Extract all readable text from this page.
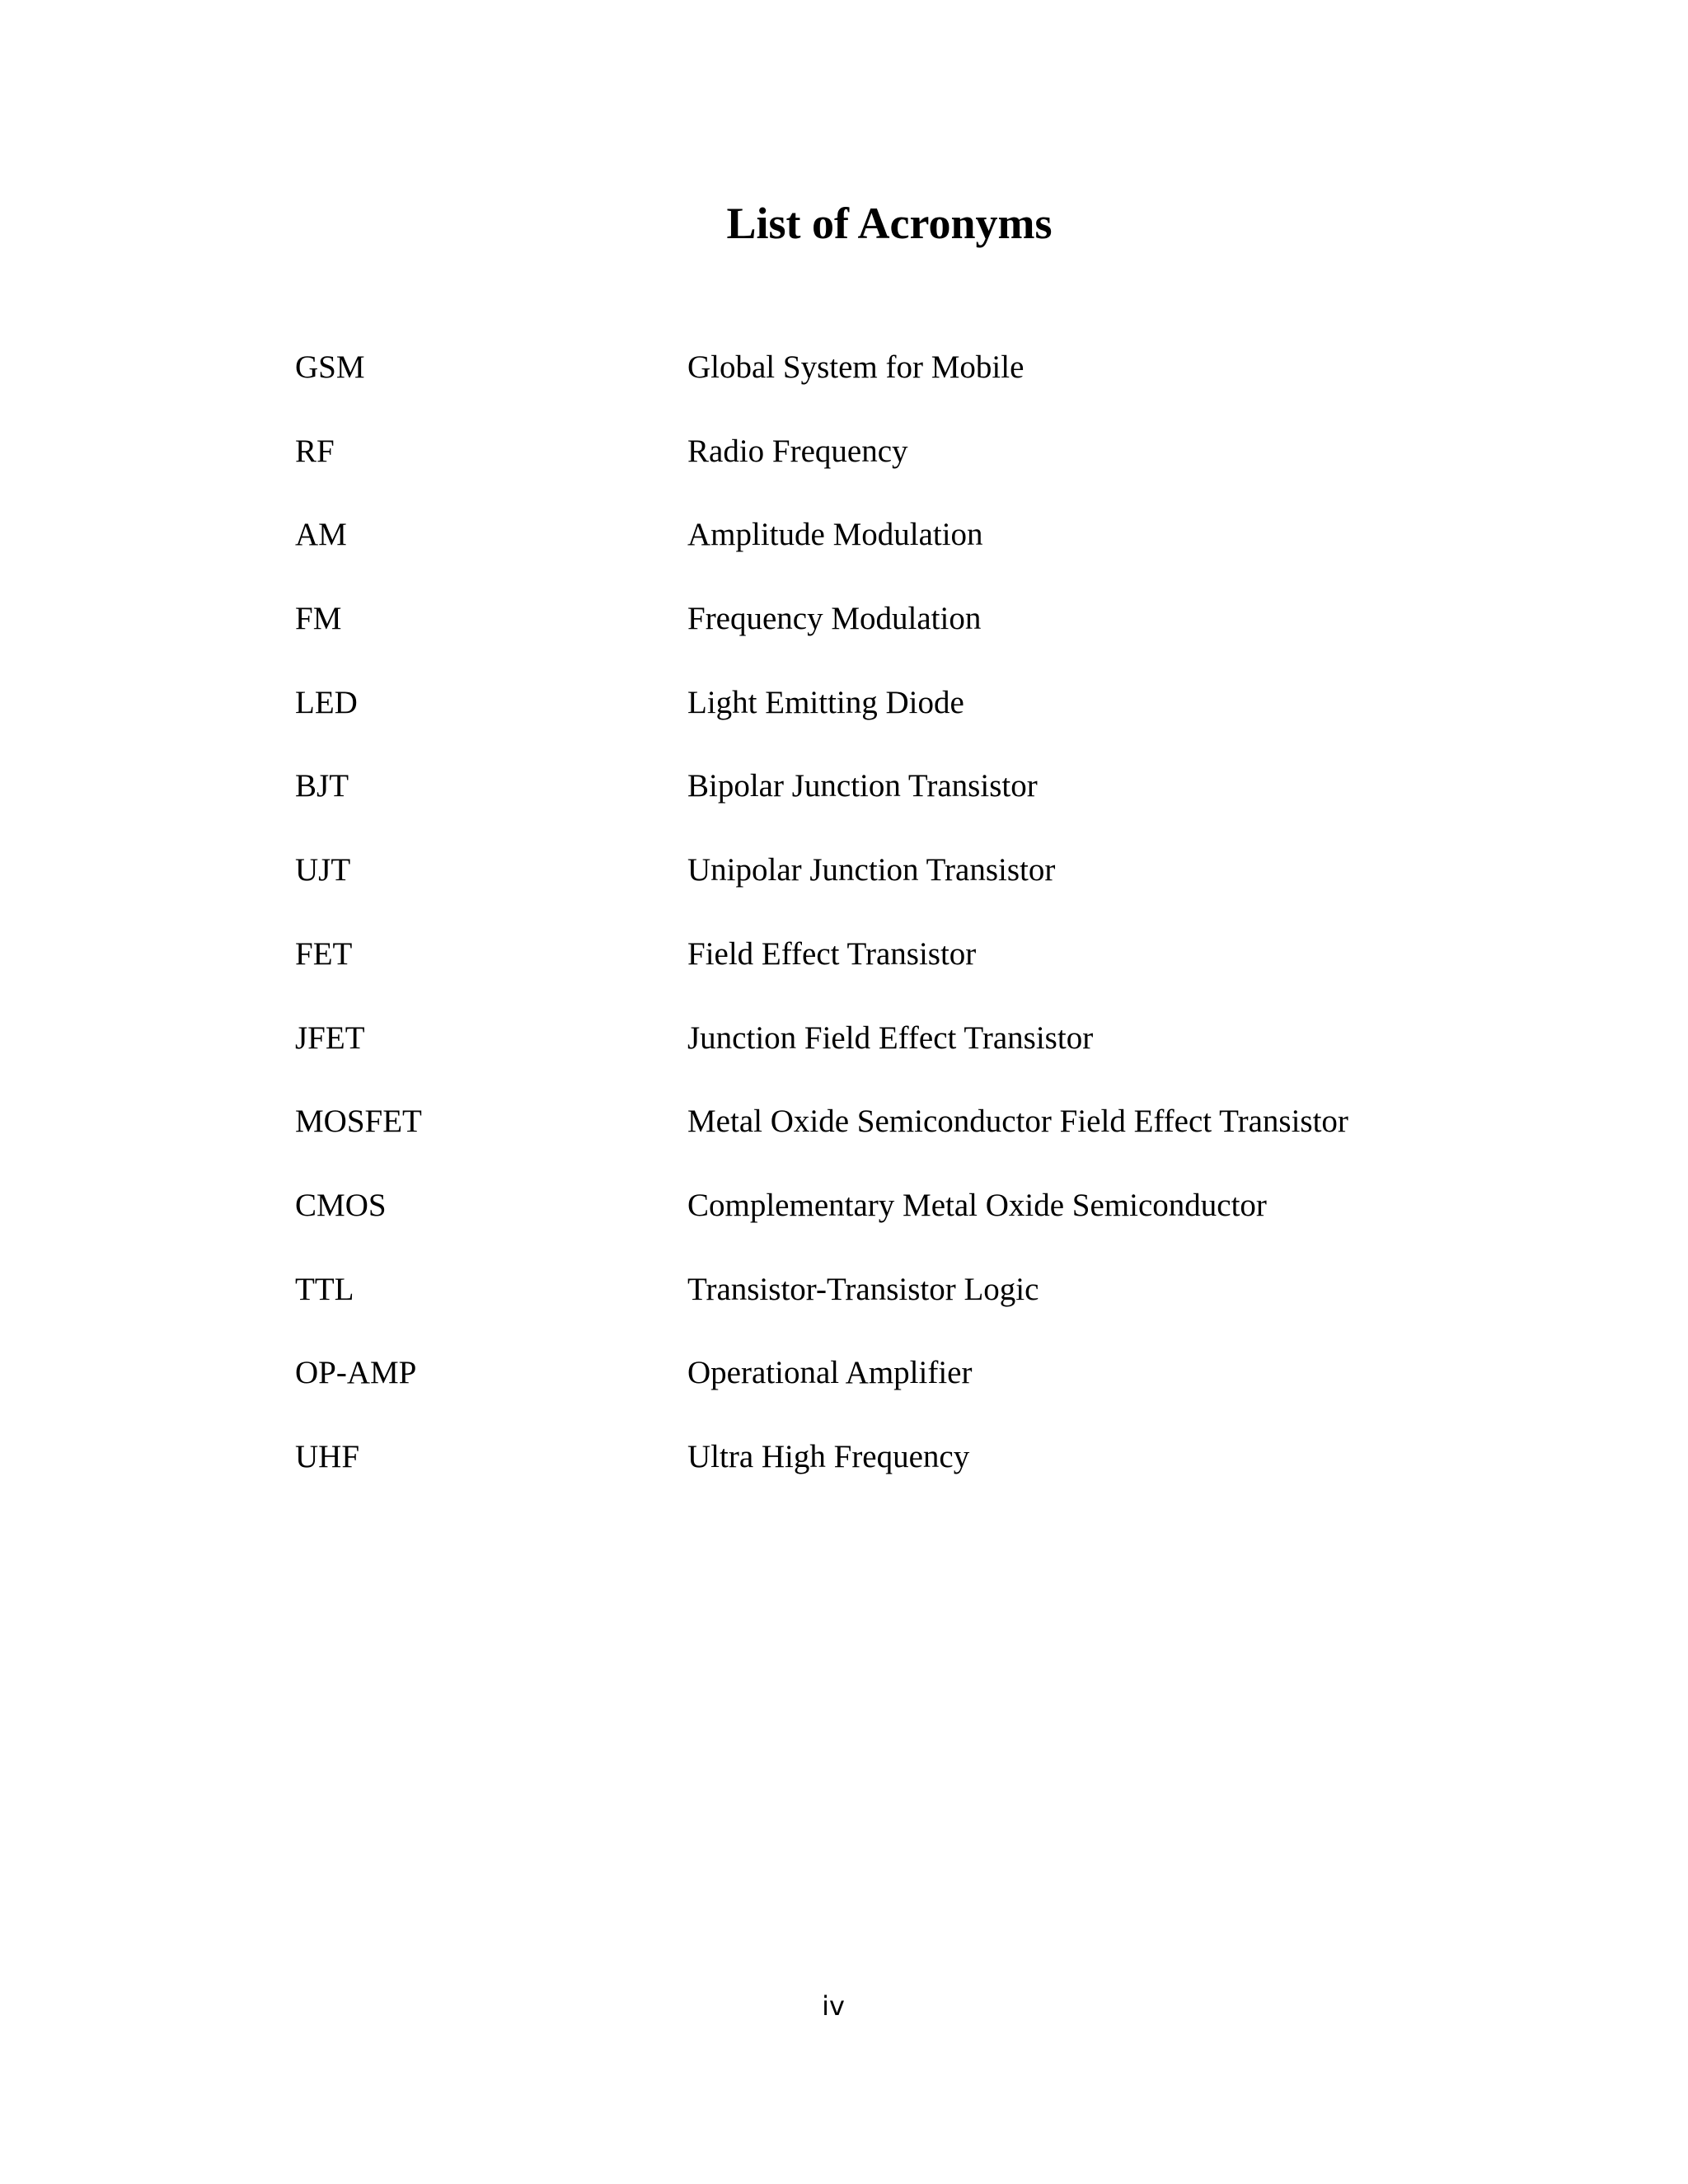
List of Acronyms
GSM	Global System for Mobile
RF	Radio Frequency
AM	Amplitude Modulation
FM	Frequency Modulation
LED	Light Emitting Diode
BJT	Bipolar Junction Transistor
UJT	Unipolar Junction Transistor
FET	Field Effect Transistor
JFET	Junction Field Effect Transistor
MOSFET	Metal Oxide Semiconductor Field Effect Transistor
CMOS	Complementary Metal Oxide Semiconductor
TTL	Transistor-Transistor Logic
OP-AMP	Operational Amplifier
UHF	Ultra High Frequency
iv
